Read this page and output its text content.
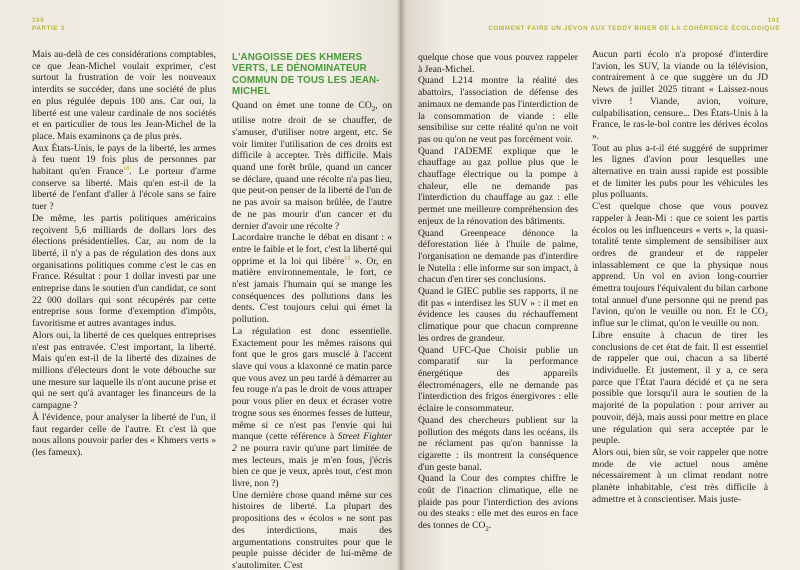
100
PARTIE 3

Mais au-delà de ces considérations comptables, ce que Jean-Michel voulait exprimer, c'est surtout la frustration de voir les nouveaux interdits se succéder, dans une société de plus en plus régulée depuis 100 ans. Car oui, la liberté est une valeur cardinale de nos sociétés et en particulier de tous les Jean-Michel de la place. Mais examinons ça de plus près.

Aux États-Unis, le pays de la liberté, les armes à feu tuent 19 fois plus de personnes par habitant qu'en France$^{18}$. Le porteur d'arme conserve sa liberté. Mais qu'en est-il de la liberté de l'enfant d'aller à l'école sans se faire tuer ?

De même, les partis politiques américains reçoivent 5,6 milliards de dollars lors des élections présidentielles. Car, au nom de la liberté, il n'y a pas de régulation des dons aux organisations politiques comme c'est le cas en France. Résultat : pour 1 dollar investi par une entreprise dans le soutien d'un candidat, ce sont 22 000 dollars qui sont récupérés par cette entreprise sous forme d'exemption d'impôts, favoritisme et autres avantages indus.

Alors oui, la liberté de ces quelques entreprises n'est pas entravée. C'est important, la liberté. Mais qu'en est-il de la liberté des dizaines de millions d'électeurs dont le vote débouche sur une mesure sur laquelle ils n'ont aucune prise et qui ne sert qu'à avantager les financeurs de la campagne ?

À l'évidence, pour analyser la liberté de l'un, il faut regarder celle de l'autre. Et c'est là que nous allons pouvoir parler des « Khmers verts » (les fameux).

L'ANGOISSE DES KHMERS VERTS, LE DÉNOMINATEUR COMMUN DE TOUS LES JEAN-MICHEL

Quand on émet une tonne de $CO_2$, on utilise notre droit de se chauffer, de s'amuser, d'utiliser notre argent, etc. Se voir limiter l'utilisation de ces droits est difficile à accepter. Très difficile. Mais quand une forêt brûle, quand un cancer se déclare, quand une récolte n'a pas lieu, que peut-on penser de la liberté de l'un de ne pas avoir sa maison brûlée, de l'autre de ne pas mourir d'un cancer et du dernier d'avoir une récolte ?

Lacordaire tranche le débat en disant : « entre le faible et le fort, c'est la liberté qui opprime et la loi qui libère$^{19}$ ». Or, en matière environnementale, le fort, ce n'est jamais l'humain qui se mange les conséquences des pollutions dans les dents. C'est toujours celui qui émet la pollution.

La régulation est donc essentielle. Exactement pour les mêmes raisons qui font que le gros gars musclé à l'accent slave qui vous a klaxonné ce matin parce que vous avez un peu tardé à démarrer au feu rouge n'a pas le droit de vous attraper pour vous plier en deux et écraser votre trogne sous ses énormes fesses de lutteur, même si ce n'est pas l'envie qui lui manque (cette référence à Street Fighter 2 ne pourra ravir qu'une part limitée de mes lecteurs, mais je m'en fous, j'écris bien ce que je veux, après tout, c'est mon livre, non ?)

Une dernière chose quand même sur ces histoires de liberté. La plupart des propositions des « écolos » ne sont pas des interdictions, mais des argumentations construites pour que le peuple puisse décider de lui-même de s'autolimiter. C'est

101
COMMENT FAIRE UN JEVON AUX TEDDY BINER DE LA COHÉRENCE ÉCOLOGIQUE

quelque chose que vous pouvez rappeler à Jean-Michel.

Quand L214 montre la réalité des abattoirs, l'association de défense des animaux ne demande pas l'interdiction de la consommation de viande : elle sensibilise sur cette réalité qu'on ne voit pas ou qu'on ne veut pas forcément voir.

Quand l'ADEME explique que le chauffage au gaz pollue plus que le chauffage électrique ou la pompe à chaleur, elle ne demande pas l'interdiction du chauffage au gaz : elle permet une meilleure compréhension des enjeux de la rénovation des bâtiments.

Quand Greenpeace dénonce la déforestation liée à l'huile de palme, l'organisation ne demande pas d'interdire le Nutella : elle informe sur son impact, à chacun d'en tirer ses conclusions.

Quand le GIEC publie ses rapports, il ne dit pas « interdisez les SUV » : il met en évidence les causes du réchauffement climatique pour que chacun comprenne les ordres de grandeur.

Quand UFC-Que Choisir publie un comparatif sur la performance énergétique des appareils électroménagers, elle ne demande pas l'interdiction des frigos énergivores : elle éclaire le consommateur.

Quand des chercheurs publient sur la pollution des mégots dans les océans, ils ne réclament pas qu'on bannisse la cigarette : ils montrent la conséquence d'un geste banal.

Quand la Cour des comptes chiffre le coût de l'inaction climatique, elle ne plaide pas pour l'interdiction des avions ou des steaks : elle met des euros en face des tonnes de $CO_2$.

Aucun parti écolo n'a proposé d'interdire l'avion, les SUV, la viande ou la télévision, contrairement à ce que suggère un du JD News de juillet 2025 titrant « Laissez-nous vivre ! Viande, avion, voiture, culpabilisation, censure... Des États-Unis à la France, le ras-le-bol contre les dérives écolos ».

Tout au plus a-t-il été suggéré de supprimer les lignes d'avion pour lesquelles une alternative en train aussi rapide est possible et de limiter les pubs pour les véhicules les plus polluants.

C'est quelque chose que vous pouvez rappeler à Jean-Mi : que ce soient les partis écolos ou les influenceurs « verts », la quasi-totalité tente simplement de sensibiliser aux ordres de grandeur et de rappeler inlassablement ce que la physique nous apprend. Un vol en avion long-courrier émettra toujours l'équivalent du bilan carbone total annuel d'une personne qui ne prend pas l'avion, qu'on le veuille ou non. Et le CO₂ influe sur le climat, qu'on le veuille ou non.

Libre ensuite à chacun de tirer les conclusions de cet état de fait. Il est essentiel de rappeler que oui, chacun a sa liberté individuelle. Et justement, il y a, ce sera parce que l'État l'aura décidé et ça ne sera possible que lorsqu'il aura le soutien de la majorité de la population : pour arriver au pouvoir, déjà, mais aussi pour mettre en place une régulation qui sera acceptée par le peuple.

Alors oui, bien sûr, se voir rappeler que notre mode de vie actuel nous amène nécessairement à un climat rendant notre planète inhabitable, c'est très difficile à admettre et à conscientiser. Mais juste-
